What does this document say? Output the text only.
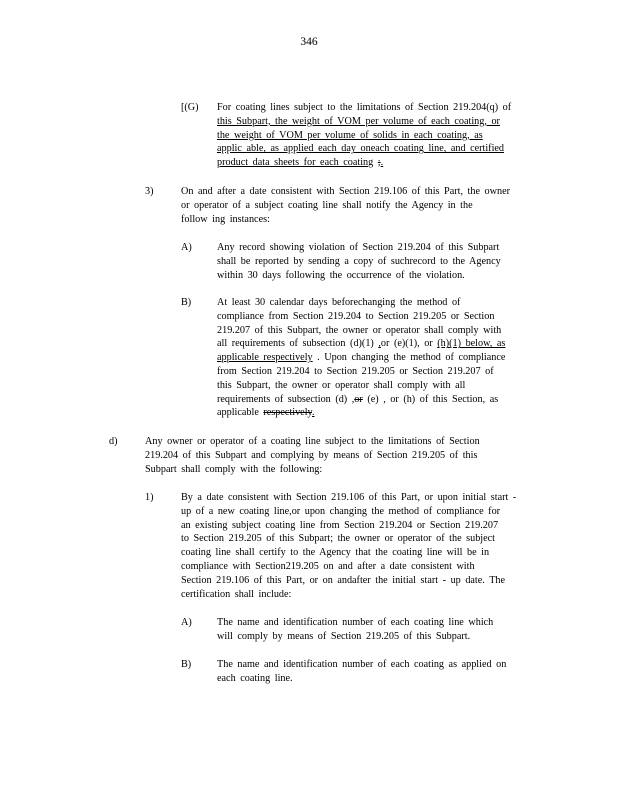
346
[(G) For coating lines subject to the limitations of Section 219.204(q) of
this Subpart, the weight of VOM per volume of each coating, or
the weight of VOM per volume of solids in each coating, as
applic able, as applied each day oneach coating line, and certified
product data sheets for each coating ;.
3)	On and after a date consistent with Section 219.106 of this Part, the owner
or operator of a subject coating line shall notify the Agency in the
follow ing instances:
A) Any record showing violation of Section 219.204 of this Subpart
shall be reported by sending a copy of suchrecord to the Agency
within 30 days following the occurrence of the violation.
B)	At least 30 calendar days beforechanging the method of
compliance from Section 219.204 to Section 219.205 or Section
219.207 of this Subpart, the owner or operator shall comply with
all requirements of subsection (d)(1) ,or (e)(1), or (h)(1) below, as
applicable respectively . Upon changing the method of compliance
from Section 219.204 to Section 219.205 or Section 219.207 of
this Subpart, the owner or operator shall comply with all
requirements of subsection (d) ,or (e) , or (h) of this Section, as
applicable respectively.
d)	Any owner or operator of a coating line subject to the limitations of Section
219.204 of this Subpart and complying by means of Section 219.205 of this
Subpart shall comply with the following:
1)	By a date consistent with Section 219.106 of this Part, or upon initial start -
up of a new coating line,or upon changing the method of compliance for
an existing subject coating line from Section 219.204 or Section 219.207
to Section 219.205 of this Subpart; the owner or operator of the subject
coating line shall certify to the Agency that the coating line will be in
compliance with Section219.205 on and after a date consistent with
Section 219.106 of this Part, or on andafter the initial start - up date. The
certification shall include:
A) The name and identification number of each coating line which
will comply by means of Section 219.205 of this Subpart.
B)	The name and identification number of each coating as applied on
each coating line.
